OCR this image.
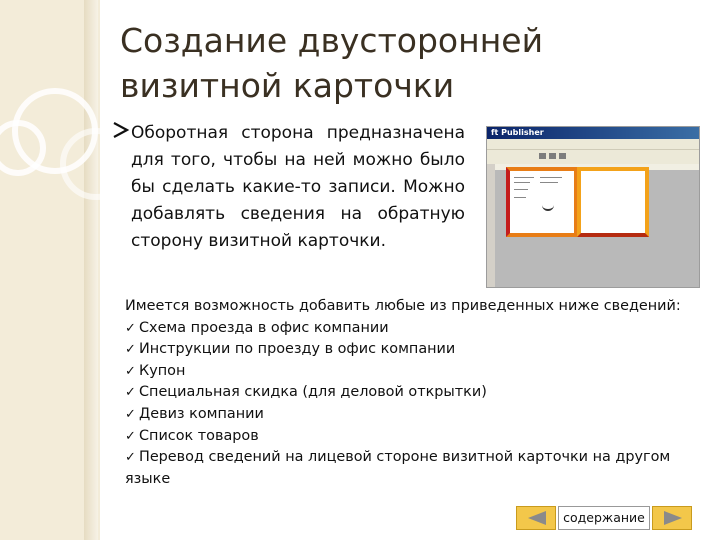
Создание двусторонней визитной карточки
Оборотная сторона предназначена для того, чтобы на ней можно было бы сделать какие-то записи. Можно добавлять сведения на обратную сторону визитной карточки.
ft Publisher
Имеется возможность добавить любые из приведенных ниже сведений:
✓ Схема проезда в офис компании
✓ Инструкции по проезду в офис компании
✓ Купон
✓ Специальная скидка (для деловой открытки)
✓ Девиз компании
✓ Список товаров
✓ Перевод сведений на лицевой стороне визитной карточки на другом языке
содержание
